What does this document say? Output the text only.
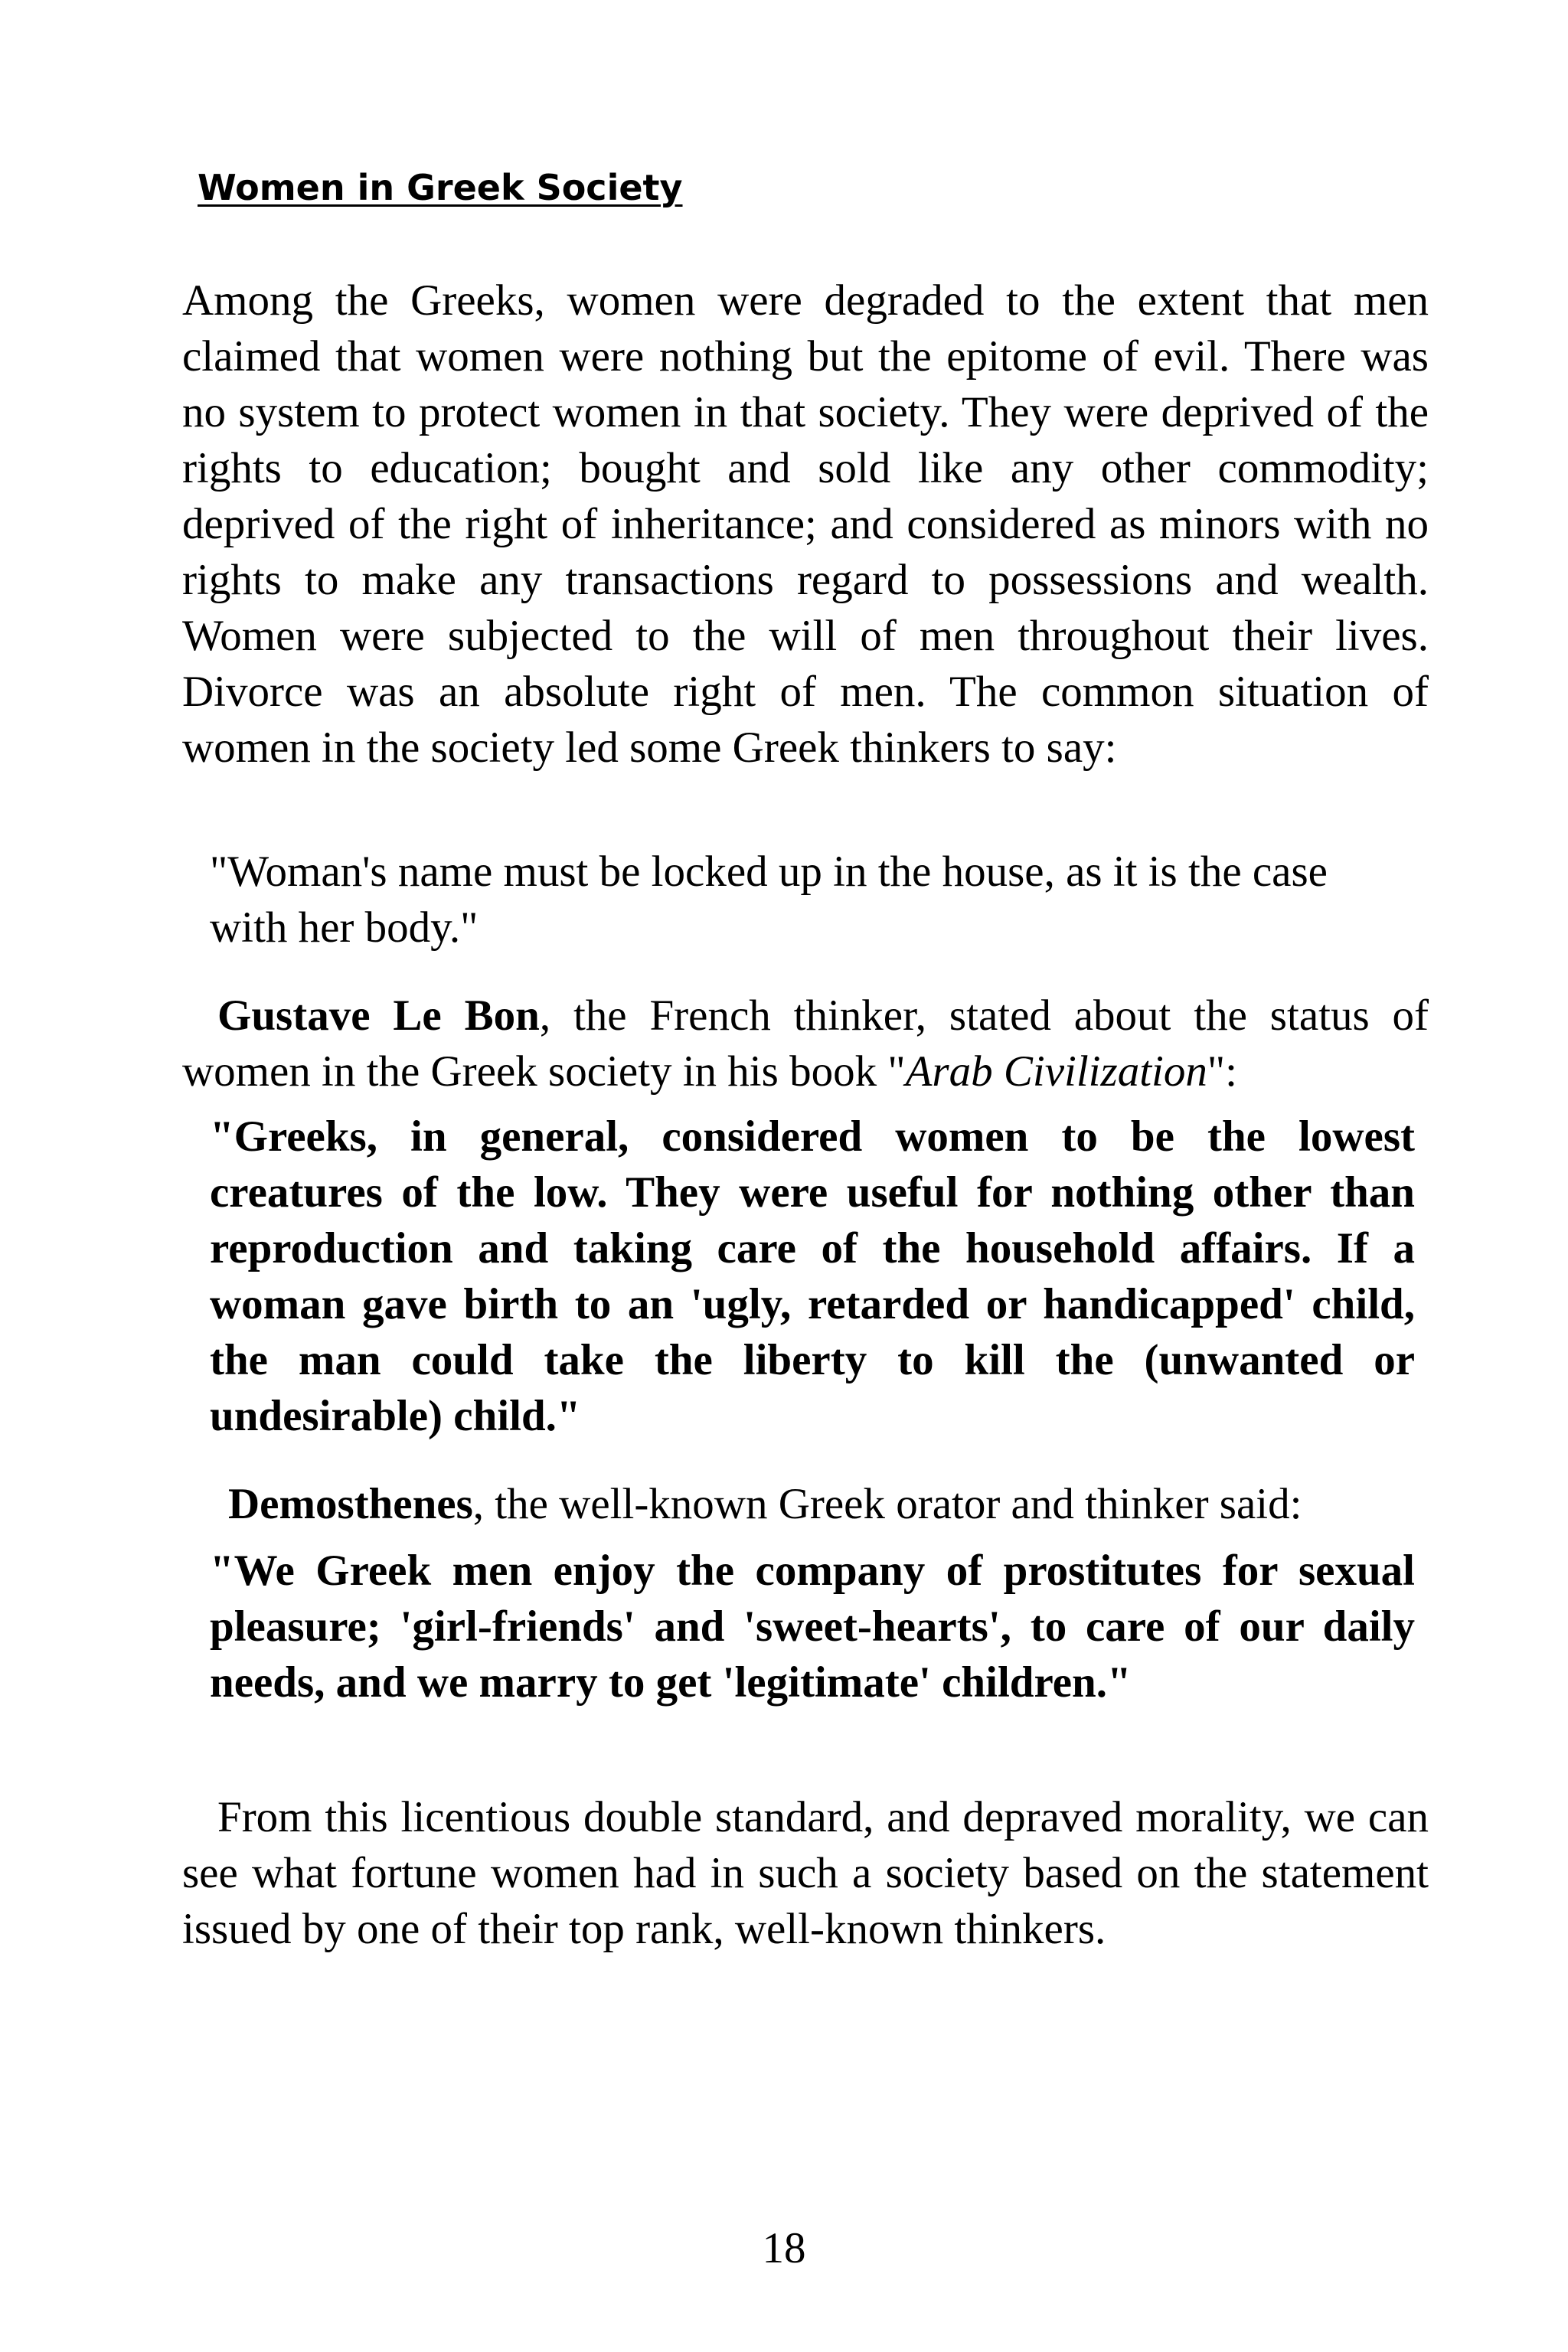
Women in Greek Society

Among the Greeks, women were degraded to the extent that men claimed that women were nothing but the epitome of evil. There was no system to protect women in that society. They were deprived of the rights to education; bought and sold like any other commodity; deprived of the right of inheritance; and considered as minors with no rights to make any transactions regard to possessions and wealth. Women were subjected to the will of men throughout their lives. Divorce was an absolute right of men. The common situation of women in the society led some Greek thinkers to say:

"Woman's name must be locked up in the house, as it is the case with her body."

Gustave Le Bon, the French thinker, stated about the status of women in the Greek society in his book "Arab Civilization":

"Greeks, in general, considered women to be the lowest creatures of the low. They were useful for nothing other than reproduction and taking care of the household affairs. If a woman gave birth to an 'ugly, retarded or handicapped' child, the man could take the liberty to kill the (unwanted or undesirable) child."

Demosthenes, the well-known Greek orator and thinker said:

"We Greek men enjoy the company of prostitutes for sexual pleasure; 'girl-friends' and 'sweet-hearts', to care of our daily needs, and we marry to get 'legitimate' children."

From this licentious double standard, and depraved morality, we can see what fortune women had in such a society based on the statement issued by one of their top rank, well-known thinkers.

18
